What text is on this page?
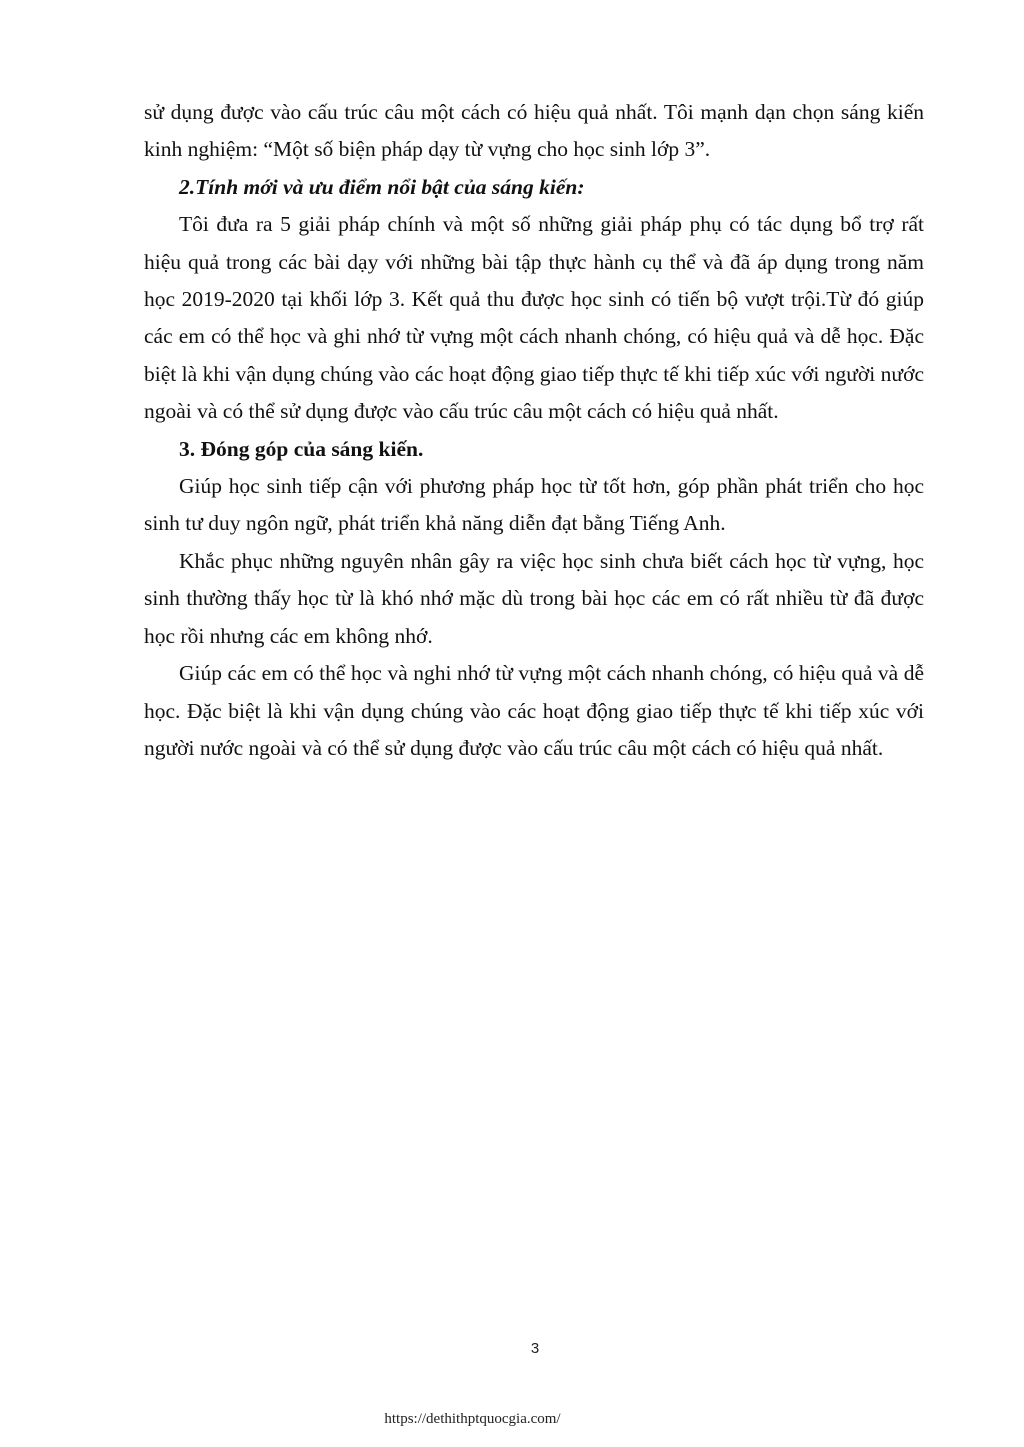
sử dụng được vào cấu trúc câu một cách có hiệu quả nhất. Tôi mạnh dạn chọn sáng kiến kinh nghiệm: “Một số biện pháp dạy từ vựng cho học sinh lớp 3”.

2.Tính mới và ưu điểm nổi bật của sáng kiến:

Tôi đưa ra 5 giải pháp chính và một số những giải pháp phụ có tác dụng bổ trợ rất hiệu quả trong các bài dạy với những bài tập thực hành cụ thể và đã áp dụng trong năm học 2019-2020 tại khối lớp 3. Kết quả thu được học sinh có tiến bộ vượt trội.Từ đó giúp các em có thể học và ghi nhớ từ vựng một cách nhanh chóng, có hiệu quả và dễ học. Đặc biệt là khi vận dụng chúng vào các hoạt động giao tiếp thực tế khi tiếp xúc với người nước ngoài và có thể sử dụng được vào cấu trúc câu một cách có hiệu quả nhất.

3. Đóng góp của sáng kiến.

Giúp học sinh tiếp cận với phương pháp học từ tốt hơn, góp phần phát triển cho học sinh tư duy ngôn ngữ, phát triển khả năng diễn đạt bằng Tiếng Anh.

Khắc phục những nguyên nhân gây ra việc học sinh chưa biết cách học từ vựng, học sinh thường thấy học từ là khó nhớ mặc dù trong bài học các em có rất nhiều từ đã được học rồi nhưng các em không nhớ.

Giúp các em có thể học và nghi nhớ từ vựng một cách nhanh chóng, có hiệu quả và dễ học. Đặc biệt là khi vận dụng chúng vào các hoạt động giao tiếp thực tế khi tiếp xúc với người nước ngoài và có thể sử dụng được vào cấu trúc câu một cách có hiệu quả nhất.

3
https://dethithptquocgia.com/
